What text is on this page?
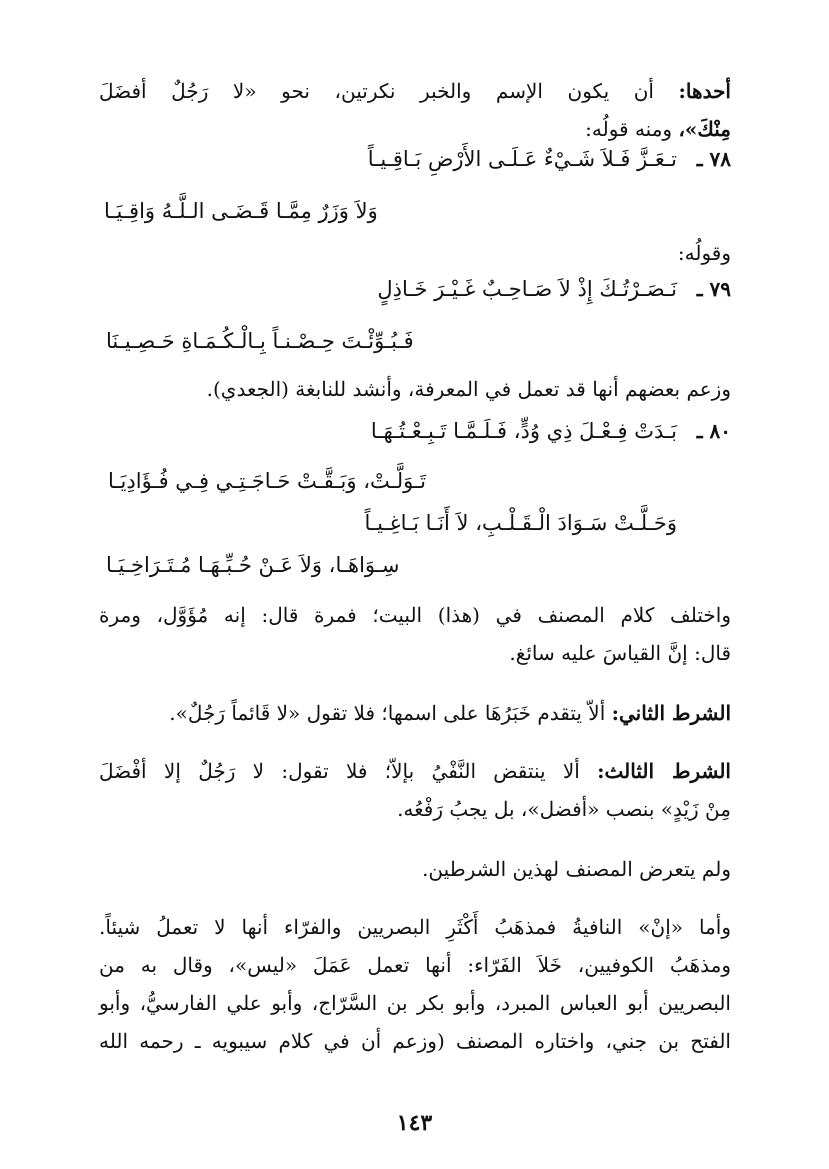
أحدها: أن يكون الإسم والخبر نكرتين، نحو «لا رَجُلٌ أفضَلَ
مِنْكَ»، ومنه قولُه:
٧٨ ـ
تـعَـزَّ فَـلاَ شَـيْءٌ عَـلَـى الأَرْضِ بَـاقِـيـاً
وَلاَ وَزَرٌ مِمَّـا قَـضَـى الـلَّـهُ وَاقِـيَـا
وقولُه:
٧٩ ـ
نَـصَـرْتُـكَ إِذْ لاَ صَـاحِـبٌ غَـيْـرَ خَـاذِلٍ
فَـبُـوِّئْـتَ حِـصْـنـاً بِـالْـكُـمَـاةِ حَـصِـيـنَا
وزعم بعضهم أنها قد تعمل في المعرفة، وأنشد للنابغة (الجعدي).
٨٠ ـ
بَـدَتْ فِـعْـلَ ذِي وُدٍّ، فَـلَـمَّـا تَـبِـعْـتُـهَـا
تَـوَلَّـتْ، وَبَـقَّـتْ حَـاجَـتِـي فِـي فُـؤَادِيَـا
وَحَـلَّـتْ سَـوَادَ الْـقَـلْـبِ، لاَ أَنَـا بَـاغِـيـاً
سِـوَاهَـا، وَلاَ عَـنْ حُـبِّـهَـا مُـتَـرَاخِـيَـا
واختلف كلام المصنف في (هذا) البيت؛ فمرة قال: إنه مُؤَوَّل، ومرة
قال: إنَّ القياسَ عليه سائغ.
الشرط الثاني: ألاّ يتقدم خَبَرُهَا على اسمها؛ فلا تقول «لا قَائماً رَجُلٌ».
الشرط الثالث: ألا ينتقض النَّفْيُ بإلاّ؛ فلا تقول: لا رَجُلٌ إلا أفْضَلَ
مِنْ زَيْدٍ» بنصب «أفضل»، بل يجبُ رَفْعُه.
ولم يتعرض المصنف لهذين الشرطين.
وأما «إنْ» النافيةُ فمذهَبُ أَكْثَرِ البصريين والفرّاء أنها لا تعملُ شيئاً.
ومذهَبُ الكوفيين، خَلاَ الفَرّاء: أنها تعمل عَمَلَ «ليس»، وقال به من
البصريين أبو العباس المبرد، وأبو بكر بن السَّرّاج، وأبو علي الفارسيُّ، وأبو
الفتح بن جني، واختاره المصنف (وزعم أن في كلام سيبويه ـ رحمه الله
١٤٣
